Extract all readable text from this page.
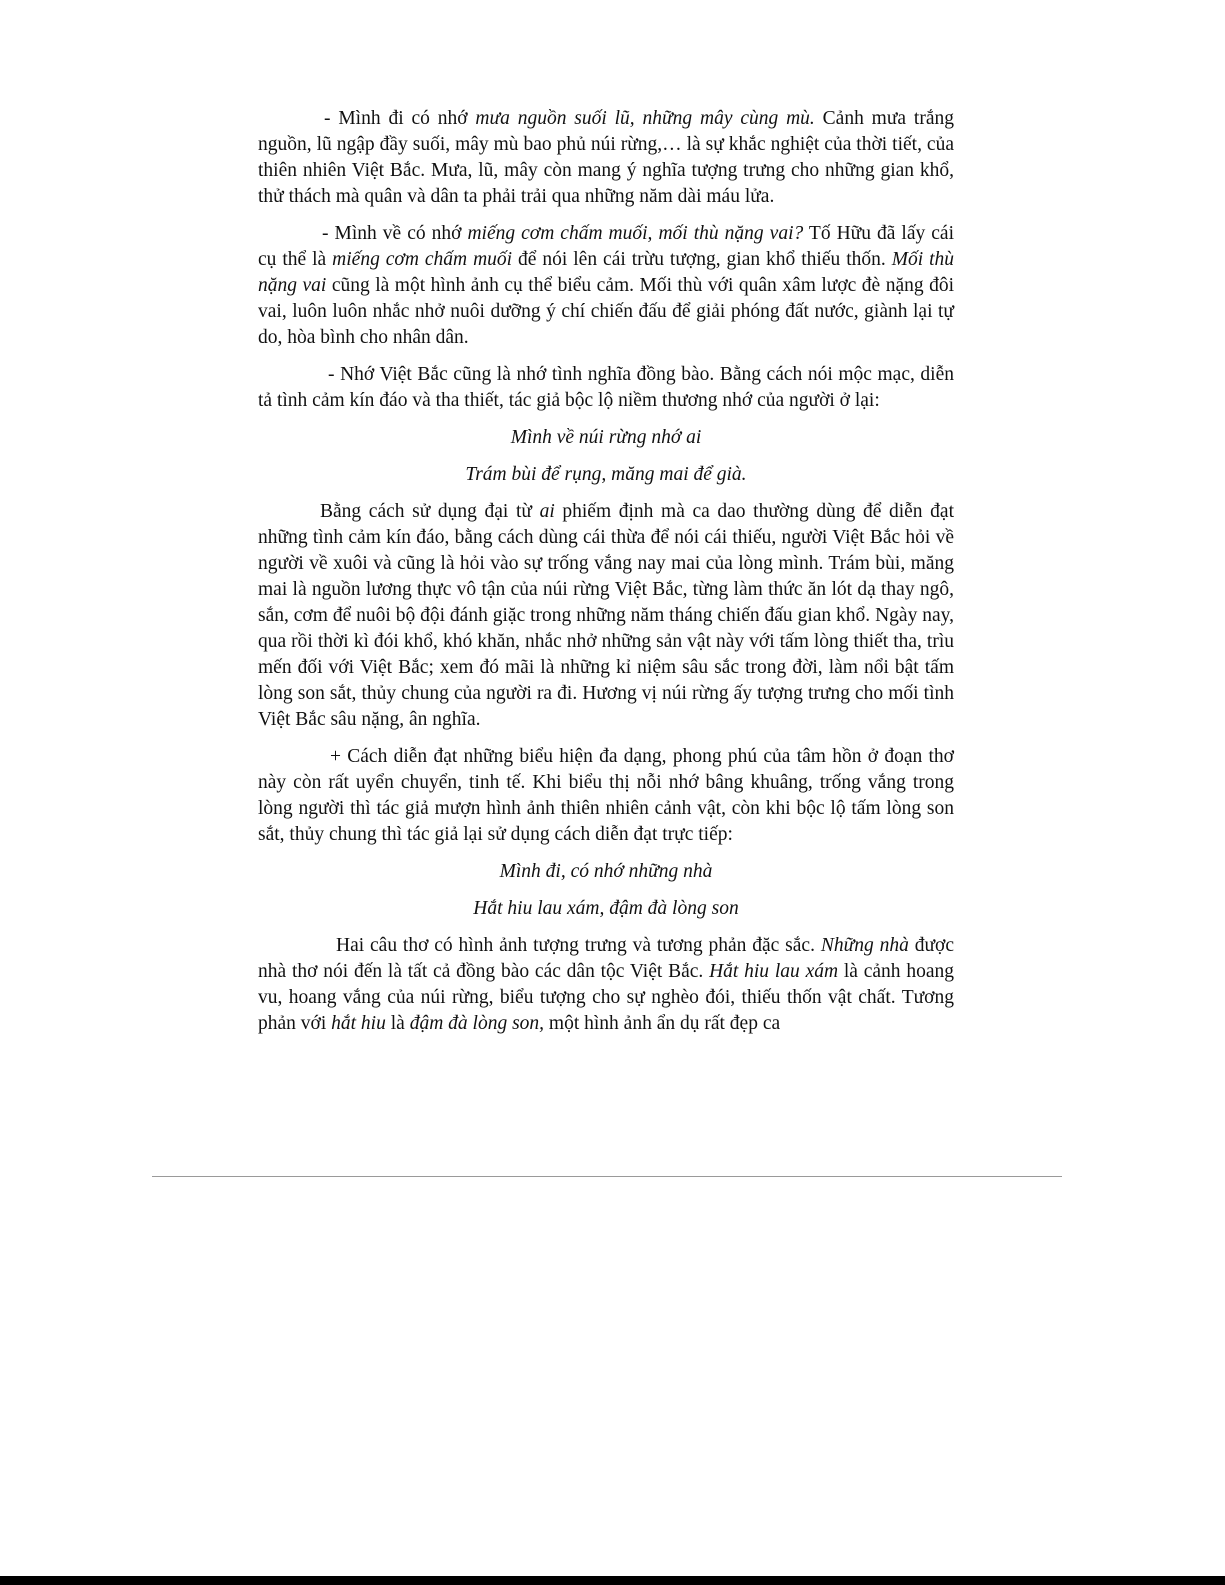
- Mình đi có nhớ mưa nguồn suối lũ, những mây cùng mù. Cảnh mưa trắng nguồn, lũ ngập đầy suối, mây mù bao phủ núi rừng,… là sự khắc nghiệt của thời tiết, của thiên nhiên Việt Bắc. Mưa, lũ, mây còn mang ý nghĩa tượng trưng cho những gian khổ, thử thách mà quân và dân ta phải trải qua những năm dài máu lửa.

- Mình về có nhớ miếng cơm chấm muối, mối thù nặng vai? Tố Hữu đã lấy cái cụ thể là miếng cơm chấm muối để nói lên cái trừu tượng, gian khổ thiếu thốn. Mối thù nặng vai cũng là một hình ảnh cụ thể biểu cảm. Mối thù với quân xâm lược đè nặng đôi vai, luôn luôn nhắc nhở nuôi dưỡng ý chí chiến đấu để giải phóng đất nước, giành lại tự do, hòa bình cho nhân dân.

- Nhớ Việt Bắc cũng là nhớ tình nghĩa đồng bào. Bằng cách nói mộc mạc, diễn tả tình cảm kín đáo và tha thiết, tác giả bộc lộ niềm thương nhớ của người ở lại:

Mình về núi rừng nhớ ai

Trám bùi để rụng, măng mai để già.

Bằng cách sử dụng đại từ ai phiếm định mà ca dao thường dùng để diễn đạt những tình cảm kín đáo, bằng cách dùng cái thừa để nói cái thiếu, người Việt Bắc hỏi về người về xuôi và cũng là hỏi vào sự trống vắng nay mai của lòng mình. Trám bùi, măng mai là nguồn lương thực vô tận của núi rừng Việt Bắc, từng làm thức ăn lót dạ thay ngô, sắn, cơm để nuôi bộ đội đánh giặc trong những năm tháng chiến đấu gian khổ. Ngày nay, qua rồi thời kì đói khổ, khó khăn, nhắc nhở những sản vật này với tấm lòng thiết tha, trìu mến đối với Việt Bắc; xem đó mãi là những kỉ niệm sâu sắc trong đời, làm nổi bật tấm lòng son sắt, thủy chung của người ra đi. Hương vị núi rừng ấy tượng trưng cho mối tình Việt Bắc sâu nặng, ân nghĩa.

+ Cách diễn đạt những biểu hiện đa dạng, phong phú của tâm hồn ở đoạn thơ này còn rất uyển chuyển, tinh tế. Khi biểu thị nỗi nhớ bâng khuâng, trống vắng trong lòng người thì tác giả mượn hình ảnh thiên nhiên cảnh vật, còn khi bộc lộ tấm lòng son sắt, thủy chung thì tác giả lại sử dụng cách diễn đạt trực tiếp:

Mình đi, có nhớ những nhà

Hắt hiu lau xám, đậm đà lòng son

Hai câu thơ có hình ảnh tượng trưng và tương phản đặc sắc. Những nhà được nhà thơ nói đến là tất cả đồng bào các dân tộc Việt Bắc. Hắt hiu lau xám là cảnh hoang vu, hoang vắng của núi rừng, biểu tượng cho sự nghèo đói, thiếu thốn vật chất. Tương phản với hắt hiu là đậm đà lòng son, một hình ảnh ẩn dụ rất đẹp ca
